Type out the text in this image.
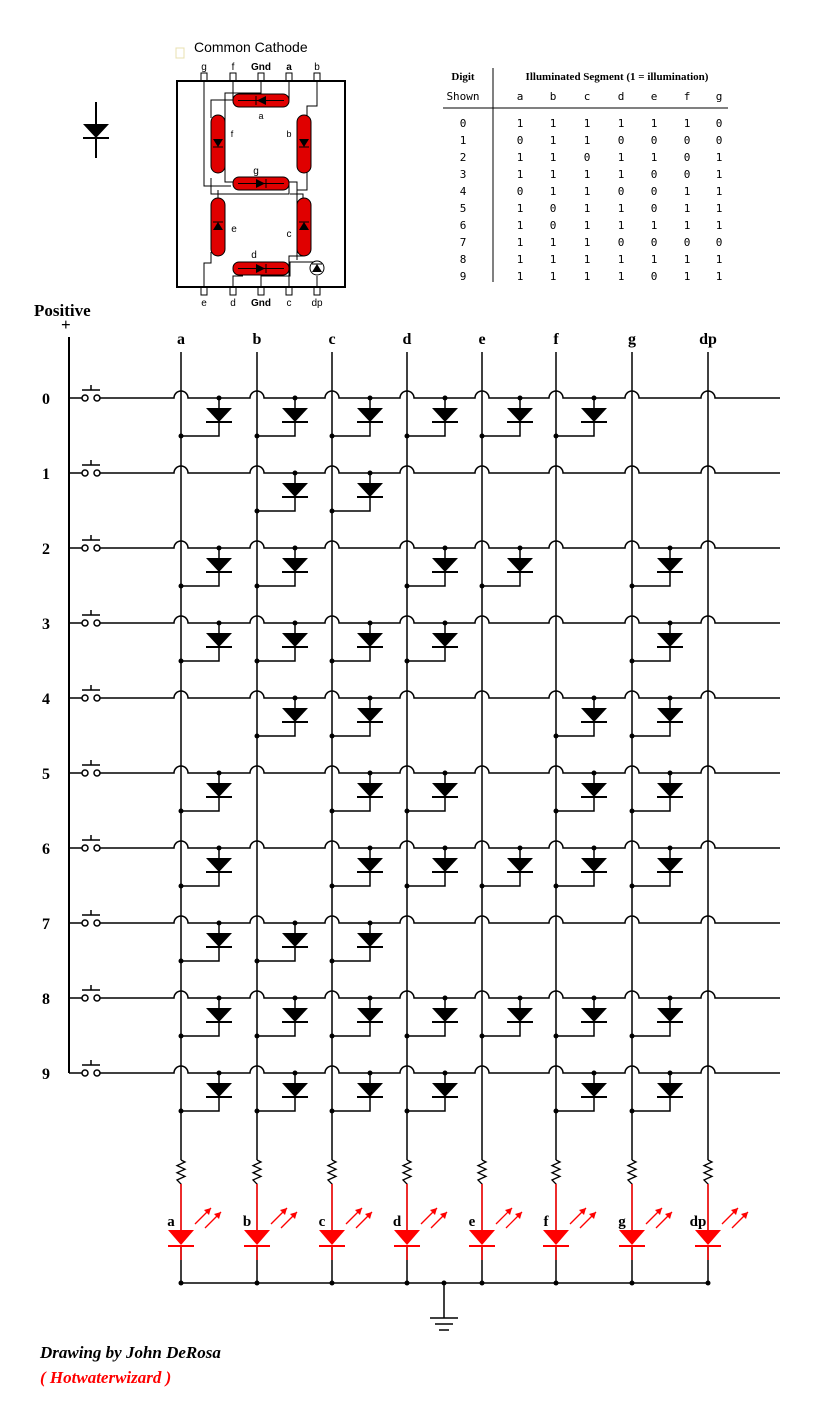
Common Cathode
g f Gnd a b
e d Gnd c dp
a
f	b
g
e	c
d
Digit
Shown
Illuminated Segment (1 = illumination)
a b c d e f g
0	1 1 1 1 1 1 0
1	0 1 1 0 0 0 0
2	1 1 0 1 1 0 1
3	1 1 1 1 0 0 1
4	0 1 1 0 0 1 1
5	1 0 1 1 0 1 1
6	1 0 1 1 1 1 1
7	1 1 1 0 0 0 0
8	1 1 1 1 1 1 1
9	1 1 1 1 0 1 1
Positive
+
a	b	c	d	e	f	g	dp
0
1
2
3
4
5
6
7
8
9
a	b	c	d	e	f	g	dp
Drawing by John DeRosa
( Hotwaterwizard )
